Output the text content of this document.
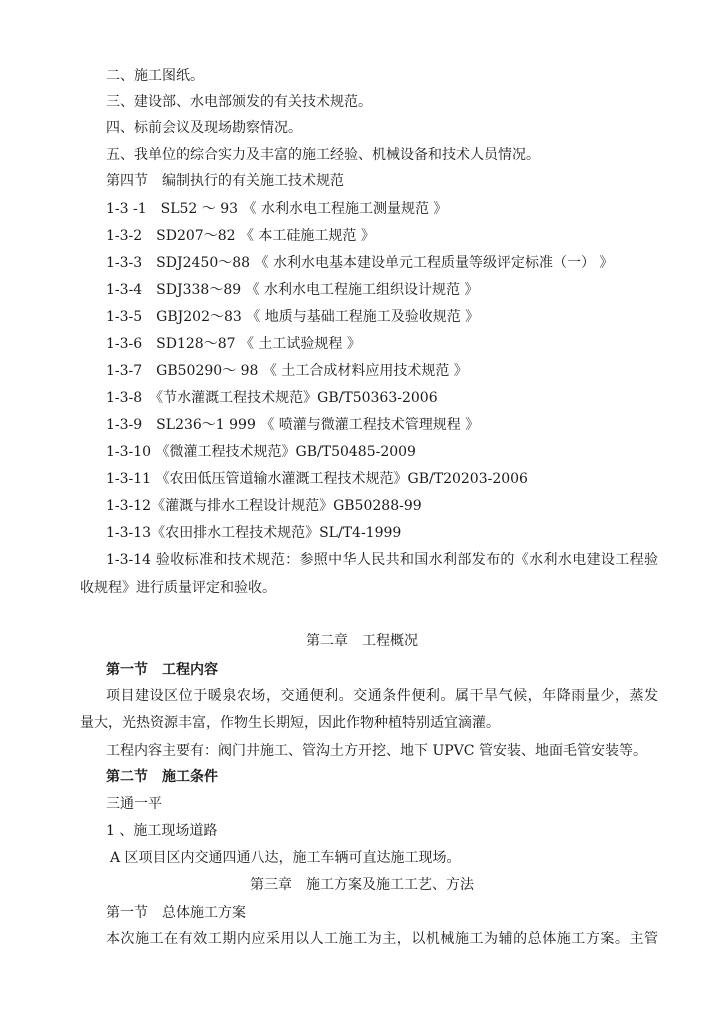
二、施工图纸。
三、建设部、水电部颁发的有关技术规范。
四、标前会议及现场勘察情况。
五、我单位的综合实力及丰富的施工经验、机械设备和技术人员情况。
第四节　编制执行的有关施工技术规范
1-3 -1　SL52 ～ 93 《 水利水电工程施工测量规范 》
1-3-2　SD207～82 《 本工硅施工规范 》
1-3-3　SDJ2450～88 《 水利水电基本建设单元工程质量等级评定标准（一） 》
1-3-4　SDJ338～89 《 水利水电工程施工组织设计规范 》
1-3-5　GBJ202～83 《 地质与基础工程施工及验收规范 》
1-3-6　SD128～87 《 土工试验规程 》
1-3-7　GB50290～ 98 《 土工合成材料应用技术规范 》
1-3-8　《节水灌溉工程技术规范》GB/T50363-2006
1-3-9　SL236～1 999 《 喷灌与微灌工程技术管理规程 》
1-3-10 《微灌工程技术规范》GB/T50485-2009
1-3-11 《农田低压管道输水灌溉工程技术规范》GB/T20203-2006
1-3-12《灌溉与排水工程设计规范》GB50288-99
1-3-13《农田排水工程技术规范》SL/T4-1999
1-3-14 验收标准和技术规范：参照中华人民共和国水利部发布的《水利水电建设工程验
收规程》进行质量评定和验收。
第二章　工程概况
第一节　工程内容
项目建设区位于暖泉农场，交通便利。交通条件便利。属干旱气候，年降雨量少，蒸发
量大，光热资源丰富，作物生长期短，因此作物种植特别适宜滴灌。
工程内容主要有：阀门井施工、管沟土方开挖、地下 UPVC 管安装、地面毛管安装等。
第二节　施工条件
三通一平
1 、施工现场道路
A 区项目区内交通四通八达，施工车辆可直达施工现场。
第三章　施工方案及施工工艺、方法
第一节　总体施工方案
本次施工在有效工期内应采用以人工施工为主，以机械施工为辅的总体施工方案。主管
